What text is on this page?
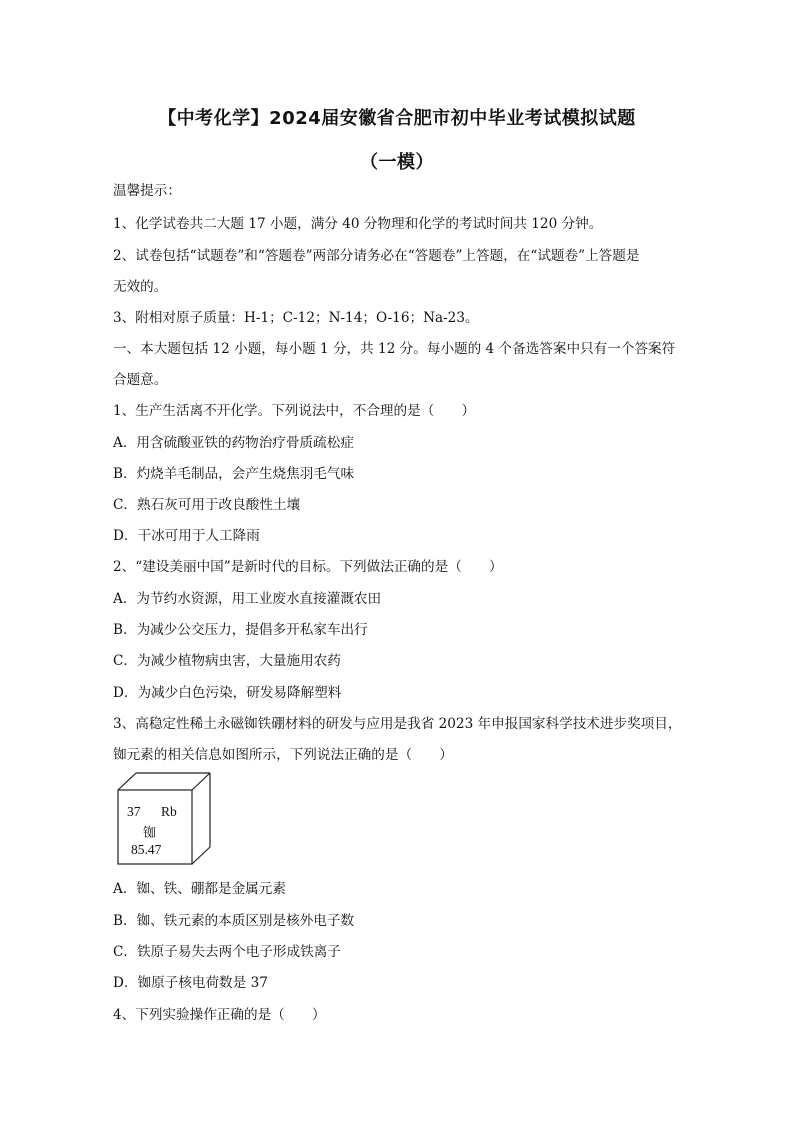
【中考化学】2024届安徽省合肥市初中毕业考试模拟试题
（一模）
温馨提示：
1、化学试卷共二大题 17 小题，满分 40 分物理和化学的考试时间共 120 分钟。
2、试卷包括“试题卷”和“答题卷”两部分请务必在“答题卷”上答题，在“试题卷”上答题是
无效的。
3、附相对原子质量：H-1；C-12；N-14；O-16；Na-23。
一、本大题包括 12 小题，每小题 1 分，共 12 分。每小题的 4 个备选答案中只有一个答案符
合题意。
1、生产生活离不开化学。下列说法中，不合理的是（　　）
A．用含硫酸亚铁的药物治疗骨质疏松症
B．灼烧羊毛制品，会产生烧焦羽毛气味
C．熟石灰可用于改良酸性土壤
D．干冰可用于人工降雨
2、“建设美丽中国”是新时代的目标。下列做法正确的是（　　）
A．为节约水资源，用工业废水直接灌溉农田
B．为减少公交压力，提倡多开私家车出行
C．为减少植物病虫害，大量施用农药
D．为减少白色污染，研发易降解塑料
3、高稳定性稀土永磁铷铁硼材料的研发与应用是我省 2023 年申报国家科学技术进步奖项目，
铷元素的相关信息如图所示，下列说法正确的是（　　）
37 Rb
铷
85.47
A．铷、铁、硼都是金属元素
B．铷、铁元素的本质区别是核外电子数
C．铁原子易失去两个电子形成铁离子
D．铷原子核电荷数是 37
4、下列实验操作正确的是（　　）
